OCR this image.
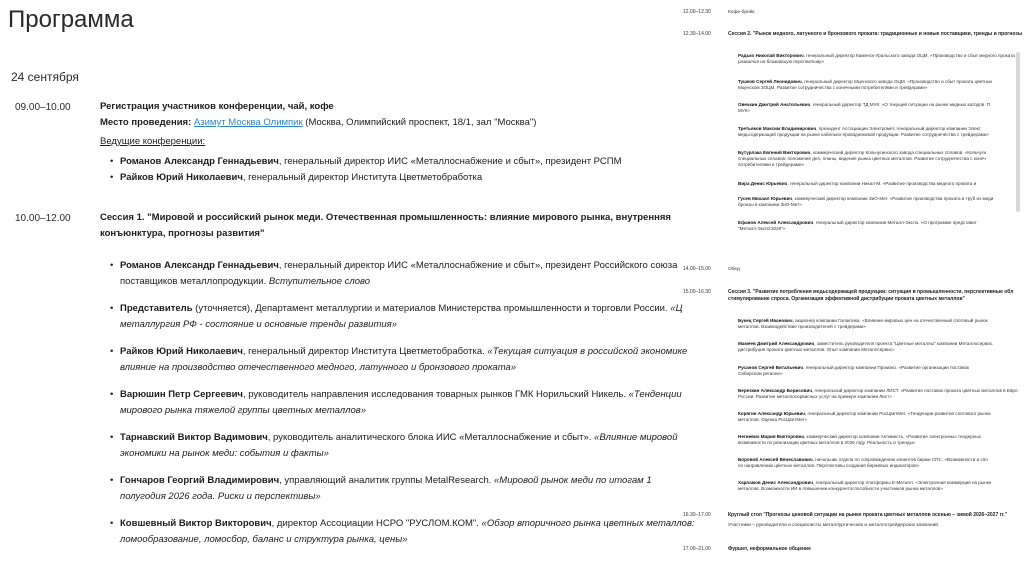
Программа
24 сентября
09.00–10.00	Регистрация участников конференции, чай, кофе

Место проведения: Азимут Москва Олимпик (Москва, Олимпийский проспект, 18/1, зал "Москва")

Ведущие конференции:

• Романов Александр Геннадьевич, генеральный директор ИИС «Металлоснабжение и сбыт», президент РСПМ
• Райков Юрий Николаевич, генеральный директор Института Цветметобработка
10.00–12.00	Сессия 1. "Мировой и российский рынок меди. Отечественная промышленность: влияние мирового рынка, внутренняя

конъюнктура, прогнозы развития"

• Романов Александр Геннадьевич, генеральный директор ИИС «Металлоснабжение и сбыт», президент Российского союза
поставщиков металлопродукции. Вступительное слово
• Представитель (уточняется), Департамент металлургии и материалов Министерства промышленности и торговли России. «Ц
металлургия РФ - состояние и основные тренды развития»
• Райков Юрий Николаевич, генеральный директор Института Цветметобработка. «Текущая ситуация в российской экономике
влияние на производство отечественного медного, латунного и бронзового проката»
• Варюшин Петр Сергеевич, руководитель направления исследования товарных рынков ГМК Норильский Никель. «Тенденции
мирового рынка тяжелой группы цветных металлов»
• Тарнавский Виктор Вадимович, руководитель аналитического блока ИИС «Металлоснабжение и сбыт». «Влияние мировой
экономики на рынок меди: события и факты»
• Гончаров Георгий Владимирович, управляющий аналитик группы MetalResearch. «Мировой рынок меди по итогам 1
полугодия 2026 года. Риски и перспективы»
• Ковшевный Виктор Викторович, директор Ассоциации НСРО "РУСЛОМ.КОМ". «Обзор вторичного рынка цветных металлов:
ломообразование, ломосбор, баланс и структура рынка, цены»
12.00–12.30	Кофе-брейк
12.30–14.00	Сессия 2. "Рынок медного, латунного и бронзового проката: традиционные и новые поставщики, тренды и прогнозы
Радько Николай Викторович, генеральный директор Каменск-Уральского завода ОЦМ. «Производство и сбыт медного проката
развития на ближайшую перспективу»
Тушков Сергей Леонидович, генеральный директор Мценского завода ОЦМ. «Производство и сбыт проката цветных
Мценском ЗОЦМ. Развитие сотрудничества с конечными потребителями и трейдерами»
Овечкин Дмитрий Анатольевич, генеральный директор ТД МУК. «О текущей ситуации на рынке медных катодов. П
МУК»
Третьяков Максим Владимирович, президент Ассоциации Электромет, генеральный директор компании Элект
медьсодержащий продукции на рынке кабельно-проводниковой продукции. Развитие сотрудничества с трейдерами»
Бутурлака Евгений Викторович, коммерческий директор Кольчугинского завода специальных сплавов. «Кольчуги
специальных сплавов: положение дел, планы, видение рынка цветных металлов. Развитие сотрудничества с конеч
потребителями и трейдерами»
Вира Денис Юрьевич, генеральный директор компании Никал-М. «Развитие производства медного проката и
Гусев Михаил Юрьевич, коммерческий директор компании ЗиО-Мет. «Развитие производства проката и труб из меди
бронзы в компании ЗиО-Мет»
Ефанов Алексей Александрович, генеральный директор компании Металл-Эксло. «О программе представит
"Металл-Экспо'2026"»
14.00–15.00	Обед
15.00–16.30	Сессия 3. "Развитие потребления медьсодержащей продукции: ситуация в промышленности, перспективные обл
стимулирование спроса. Организация эффективной дистрибуции проката цветных металлов"
Букец Сергей Иванович, акционер компании Галактика. «Влияние мировых цен на отечественный спотовый рынок
металлов. Взаимодействие производителей с трейдерами»
Мамеев Дмитрий Александрович, заместитель руководителя проекта "Цветные металлы" компании Металлосервис.
дистрибуция проката цветных металлов. Опыт компании Металлсервис»
Русанов Сергей Витальевич, генеральный директор компании Промэко. «Развитие организации поставок
Сибирском регионе»
Березкин Александр Борисович, генеральный директор компании ЛИСТ. «Развитие поставок проката цветных металлов в Евро
России. Развитие металлосервисных услуг на примере компании Лист»
Корягин Александр Юрьевич, генеральный директор компании РосЦветМет. «Тенденции развития спотового рынка
металлов. Оценка РосЦветМет»
Негиевич Мария Викторовна, коммерческий директор компании Актиместь. «Развитие электронных тендерных
возможности по реализации цветных металлов в 2026 году. Реальность и тренды»
Боровой Алексей Вячеславович, начальник отдела по сопровождению клиентов биржи СПС. «Возможности и спо
по направлению цветных металлов. Перспективы создания биржевых индикаторов»
Харламов Денис Александрович, генеральный директор платформы Е-Металл. «Электронная коммерция на рынке
металлов. Возможности ИИ в повышении конкурентоспособности участников рынка металлов»
16.30–17.00	Круглый стол "Прогнозы ценовой ситуации на рынке проката цветных металлов осенью – зимой 2026–2027 гг."
Участники – руководители и специалисты металлургических и металлотрейдерских компаний.
17.00–21.00	Фуршет, неформальное общение
